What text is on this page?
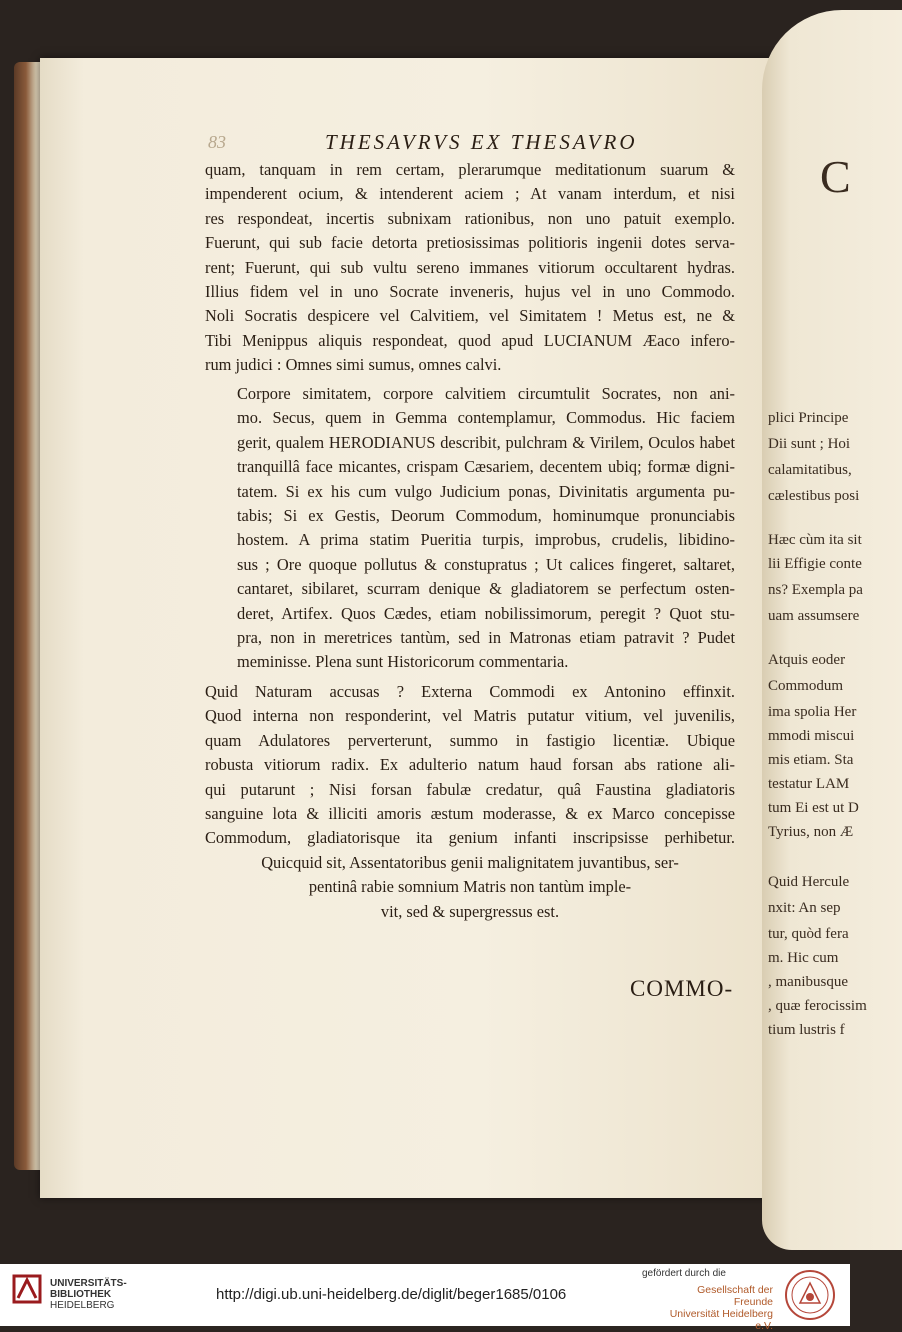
83	THESAVRVS EX THESAVRO
quam, tanquam in rem certam, plerarumque meditationum suarum &
impenderent ocium, & intenderent aciem ; At vanam interdum, et nisi
res respondeat, incertis subnixam rationibus, non uno patuit exemplo.
Fuerunt, qui sub facie detorta pretiosissimas politioris ingenii dotes serva-
rent; Fuerunt, qui sub vultu sereno immanes vitiorum occultarent hydras.
Illius fidem vel in uno Socrate inveneris, hujus vel in uno Commodo.
Noli Socratis despicere vel Calvitiem, vel Simitatem ! Metus est, ne &
Tibi Menippus aliquis respondeat, quod apud LUCIANUM Æaco infero-
rum judici : Omnes simi sumus, omnes calvi.
Corpore simitatem, corpore calvitiem circumtulit Socrates, non ani-
mo. Secus, quem in Gemma contemplamur, Commodus. Hic faciem
gerit, qualem HERODIANUS describit, pulchram & Virilem, Oculos habet
tranquillâ face micantes, crispam Cæsariem, decentem ubiq; formæ digni-
tatem. Si ex his cum vulgo Judicium ponas, Divinitatis argumenta pu-
tabis; Si ex Gestis, Deorum Commodum, hominumque pronunciabis
hostem. A prima statim Pueritia turpis, improbus, crudelis, libidino-
sus ; Ore quoque pollutus & constupratus ; Ut calices fingeret, saltaret,
cantaret, sibilaret, scurram denique & gladiatorem se perfectum osten-
deret, Artifex. Quos Cædes, etiam nobilissimorum, peregit ? Quot stu-
pra, non in meretrices tantùm, sed in Matronas etiam patravit ? Pudet
meminisse. Plena sunt Historicorum commentaria.
Quid Naturam accusas ? Externa Commodi ex Antonino effinxit.
Quod interna non responderint, vel Matris putatur vitium, vel juvenilis,
quam Adulatores perverterunt, summo in fastigio licentiæ. Ubique
robusta vitiorum radix. Ex adulterio natum haud forsan abs ratione ali-
qui putarunt ; Nisi forsan fabulæ credatur, quâ Faustina gladiatoris
sanguine lota & illiciti amoris æstum moderasse, & ex Marco concepisse
Commodum, gladiatorisque ita genium infanti inscripsisse perhibetur.
Quicquid sit, Assentatoribus genii malignitatem juvantibus, ser-
pentinâ rabie somnium Matris non tantùm imple-
vit, sed & supergressus est.
COMMO-
C
plici Principe
Dii sunt ; Hoi
calamitatibus,
cælestibus posi
Hæc cùm ita sit
lii Effigie conte
ns? Exempla pa
uam assumsere
Atquis eoder
Commodum
ima spolia Her
mmodi miscui
mis etiam. Sta
testatur LAM
tum Ei est ut D
Tyrius, non Æ
Quid Hercule
nxit: An sep
tur, quòd fera
m. Hic cum
, manibusque
, quæ ferocissim
tium lustris f
UNIVERSITÄTS-
BIBLIOTHEK
HEIDELBERG
http://digi.ub.uni-heidelberg.de/diglit/beger1685/0106
gefördert durch die
Gesellschaft der Freunde
Universität Heidelberg e.V.
